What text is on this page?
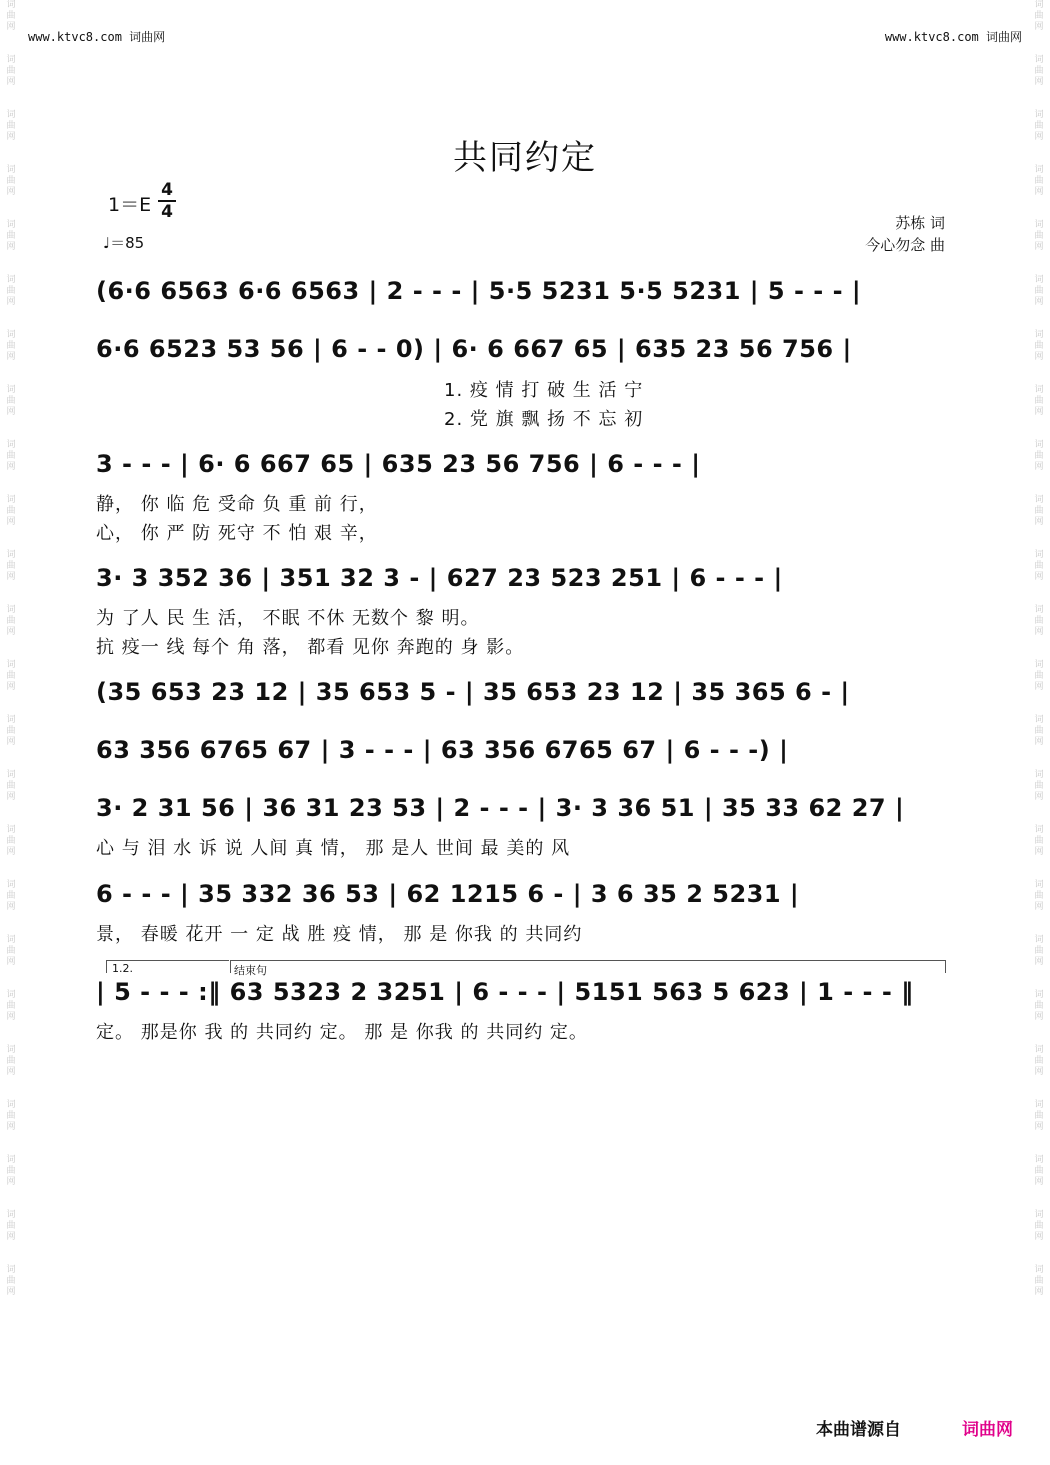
词
曲
网
词
曲
网
词
曲
网
词
曲
网
词
曲
网
词
曲
网
词
曲
网
词
曲
网
词
曲
网
词
曲
网
词
曲
网
词
曲
网
词
曲
网
词
曲
网
词
曲
网
词
曲
网
词
曲
网
词
曲
网
词
曲
网
词
曲
网
词
曲
网
词
曲
网
词
曲
网
词
曲
网
词
曲
网
词
曲
网
词
曲
网
词
曲
网
词
曲
网
词
曲
网
词
曲
网
词
曲
网
词
曲
网
词
曲
网
词
曲
网
词
曲
网
词
曲
网
词
曲
网
词
曲
网
词
曲
网
词
曲
网
词
曲
网
词
曲
网
词
曲
网
词
曲
网
词
曲
网
词
曲
网
词
曲
网
www.ktvc8.com 词曲网	www.ktvc8.com 词曲网
共同约定
1＝E
4
4
♩＝85
苏栋 词
今心勿念 曲
(6·6 6563 6·6 6563 | 2 - - - | 5·5 5231 5·5 5231 | 5 - - - |
6·6 6523 53 56 | 6 - - 0) | 6· 6 667 65 | 635 23 56 756 |
1. 疫 情 打 破 生 活 宁
2. 党 旗 飘 扬 不 忘 初
3 - - - | 6· 6 667 65 | 635 23 56 756 | 6 - - - |
静， 你 临 危 受命 负 重 前 行，
心， 你 严 防 死守 不 怕 艰 辛，
3· 3 352 36 | 351 32 3 - | 627 23 523 251 | 6 - - - |
为 了人 民 生 活， 不眠 不休 无数个 黎 明。
抗 疫一 线 每个 角 落， 都看 见你 奔跑的 身 影。
(35 653 23 12 | 35 653 5 - | 35 653 23 12 | 35 365 6 - |
63 356 6765 67 | 3 - - - | 63 356 6765 67 | 6 - - -) |
3· 2 31 56 | 36 31 23 53 | 2 - - - | 3· 3 36 51 | 35 33 62 27 |
心 与 泪 水 诉 说 人间 真 情， 那 是人 世间 最 美的 风
6 - - - | 35 332 36 53 | 62 1215 6 - | 3 6 35 2 5231 |
景， 春暖 花开 一 定 战 胜 疫 情， 那 是 你我 的 共同约
1.2.	结束句
| 5 - - - :‖ 63 5323 2 3251 | 6 - - - | 5151 563 5 623 | 1 - - - ‖
定。 那是你 我 的 共同约 定。 那 是 你我 的 共同约 定。
本曲谱源自	词曲网
